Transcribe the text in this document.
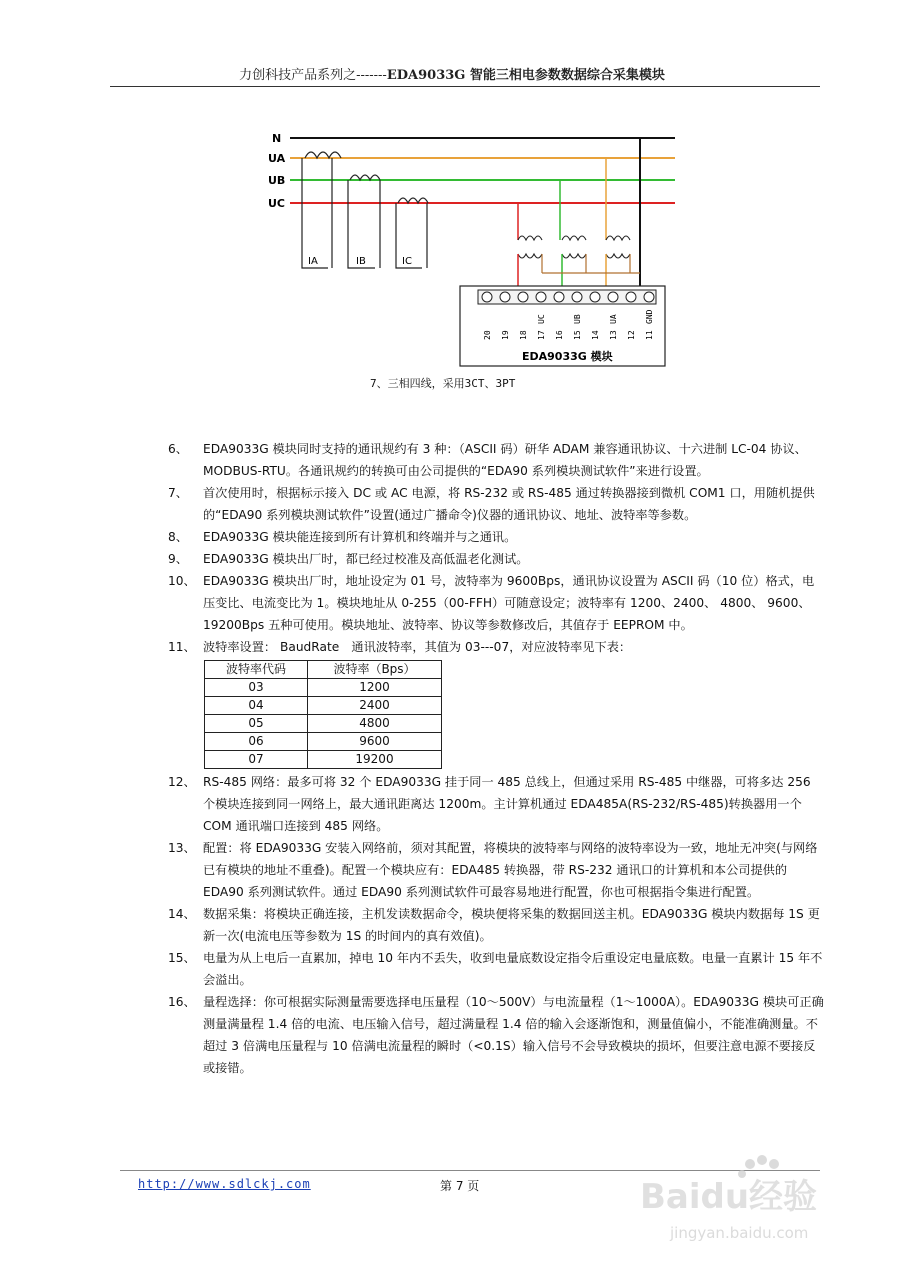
力创科技产品系列之-------EDA9033G 智能三相电参数数据综合采集模块
N
UA
UB
UC
IA	IB	IC
20 19 18 17 16 15 14 13 12 11
UC	UB	UA	GND
EDA9033G 模块
7、三相四线，采用3CT、3PT
6、	EDA9033G 模块同时支持的通讯规约有 3 种：（ASCII 码）研华 ADAM 兼容通讯协议、十六进制 LC-04 协议、MODBUS-RTU。各通讯规约的转换可由公司提供的“EDA90 系列模块测试软件”来进行设置。
7、	首次使用时，根据标示接入 DC 或 AC 电源，将 RS-232 或 RS-485 通过转换器接到微机 COM1 口，用随机提供的“EDA90 系列模块测试软件”设置(通过广播命令)仪器的通讯协议、地址、波特率等参数。
8、	EDA9033G 模块能连接到所有计算机和终端并与之通讯。
9、	EDA9033G 模块出厂时，都已经过校准及高低温老化测试。
10、 EDA9033G 模块出厂时，地址设定为 01 号，波特率为 9600Bps，通讯协议设置为 ASCII 码（10 位）格式，电压变比、电流变比为 1。模块地址从 0-255（00-FFH）可随意设定；波特率有 1200、2400、 4800、 9600、19200Bps 五种可使用。模块地址、波特率、协议等参数修改后，其值存于 EEPROM 中。
11、 波特率设置： BaudRate　通讯波特率，其值为 03---07，对应波特率见下表：
波特率代码	波特率（Bps）
03	1200
04	2400
05	4800
06	9600
07	19200
12、 RS-485 网络：最多可将 32 个 EDA9033G 挂于同一 485 总线上，但通过采用 RS-485 中继器，可将多达 256 个模块连接到同一网络上，最大通讯距离达 1200m。主计算机通过 EDA485A(RS-232/RS-485)转换器用一个 COM 通讯端口连接到 485 网络。
13、 配置：将 EDA9033G 安装入网络前，须对其配置，将模块的波特率与网络的波特率设为一致，地址无冲突(与网络已有模块的地址不重叠)。配置一个模块应有：EDA485 转换器，带 RS-232 通讯口的计算机和本公司提供的 EDA90 系列测试软件。通过 EDA90 系列测试软件可最容易地进行配置，你也可根据指令集进行配置。
14、 数据采集：将模块正确连接，主机发读数据命令，模块便将采集的数据回送主机。EDA9033G 模块内数据每 1S 更新一次(电流电压等参数为 1S 的时间内的真有效值)。
15、 电量为从上电后一直累加，掉电 10 年内不丢失，收到电量底数设定指令后重设定电量底数。电量一直累计 15 年不会溢出。
16、 量程选择：你可根据实际测量需要选择电压量程（10～500V）与电流量程（1～1000A）。EDA9033G 模块可正确测量满量程 1.4 倍的电流、电压输入信号，超过满量程 1.4 倍的输入会逐渐饱和，测量值偏小，不能准确测量。不超过 3 倍满电压量程与 10 倍满电流量程的瞬时（<0.1S）输入信号不会导致模块的损坏，但要注意电源不要接反或接错。
http://www.sdlckj.com	第 7 页	Baidu经验
jingyan.baidu.com
